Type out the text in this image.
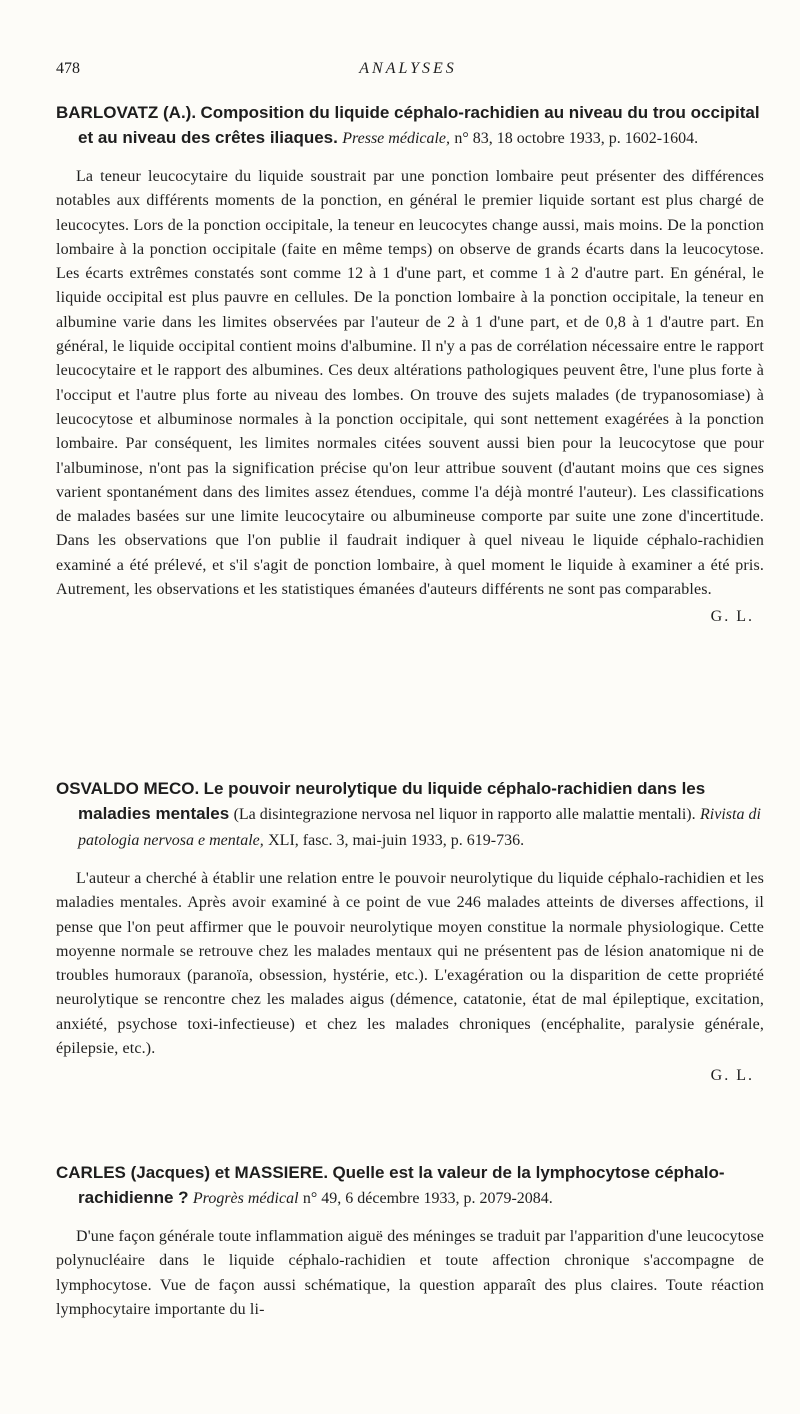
478	ANALYSES

BARLOVATZ (A.). Composition du liquide céphalo-rachidien au niveau du trou occipital et au niveau des crêtes iliaques. Presse médicale, n° 83, 18 octobre 1933, p. 1602-1604.

La teneur leucocytaire du liquide soustrait par une ponction lombaire peut présenter des différences notables aux différents moments de la ponction, en général le premier liquide sortant est plus chargé de leucocytes. Lors de la ponction occipitale, la teneur en leucocytes change aussi, mais moins. De la ponction lombaire à la ponction occipitale (faite en même temps) on observe de grands écarts dans la leucocytose. Les écarts extrêmes constatés sont comme 12 à 1 d'une part, et comme 1 à 2 d'autre part. En général, le liquide occipital est plus pauvre en cellules. De la ponction lombaire à la ponction occipitale, la teneur en albumine varie dans les limites observées par l'auteur de 2 à 1 d'une part, et de 0,8 à 1 d'autre part. En général, le liquide occipital contient moins d'albumine. Il n'y a pas de corrélation nécessaire entre le rapport leucocytaire et le rapport des albumines. Ces deux altérations pathologiques peuvent être, l'une plus forte à l'occiput et l'autre plus forte au niveau des lombes. On trouve des sujets malades (de trypanosomiase) à leucocytose et albuminose normales à la ponction occipitale, qui sont nettement exagérées à la ponction lombaire. Par conséquent, les limites normales citées souvent aussi bien pour la leucocytose que pour l'albuminose, n'ont pas la signification précise qu'on leur attribue souvent (d'autant moins que ces signes varient spontanément dans des limites assez étendues, comme l'a déjà montré l'auteur). Les classifications de malades basées sur une limite leucocytaire ou albumineuse comporte par suite une zone d'incertitude. Dans les observations que l'on publie il faudrait indiquer à quel niveau le liquide céphalo-rachidien examiné a été prélevé, et s'il s'agit de ponction lombaire, à quel moment le liquide à examiner a été pris. Autrement, les observations et les statistiques émanées d'auteurs différents ne sont pas comparables.

G. L.

OSVALDO MECO. Le pouvoir neurolytique du liquide céphalo-rachidien dans les maladies mentales (La disintegrazione nervosa nel liquor in rapporto alle malattie mentali). Rivista di patologia nervosa e mentale, XLI, fasc. 3, mai-juin 1933, p. 619-736.

L'auteur a cherché à établir une relation entre le pouvoir neurolytique du liquide céphalo-rachidien et les maladies mentales. Après avoir examiné à ce point de vue 246 malades atteints de diverses affections, il pense que l'on peut affirmer que le pouvoir neurolytique moyen constitue la normale physiologique. Cette moyenne normale se retrouve chez les malades mentaux qui ne présentent pas de lésion anatomique ni de troubles humoraux (paranoïa, obsession, hystérie, etc.). L'exagération ou la disparition de cette propriété neurolytique se rencontre chez les malades aigus (démence, catatonie, état de mal épileptique, excitation, anxiété, psychose toxi-infectieuse) et chez les malades chroniques (encéphalite, paralysie générale, épilepsie, etc.).

G. L.

CARLES (Jacques) et MASSIERE. Quelle est la valeur de la lymphocytose céphalo-rachidienne ? Progrès médical n° 49, 6 décembre 1933, p. 2079-2084.

D'une façon générale toute inflammation aiguë des méninges se traduit par l'apparition d'une leucocytose polynucléaire dans le liquide céphalo-rachidien et toute affection chronique s'accompagne de lymphocytose. Vue de façon aussi schématique, la question apparaît des plus claires. Toute réaction lymphocytaire importante du li-
